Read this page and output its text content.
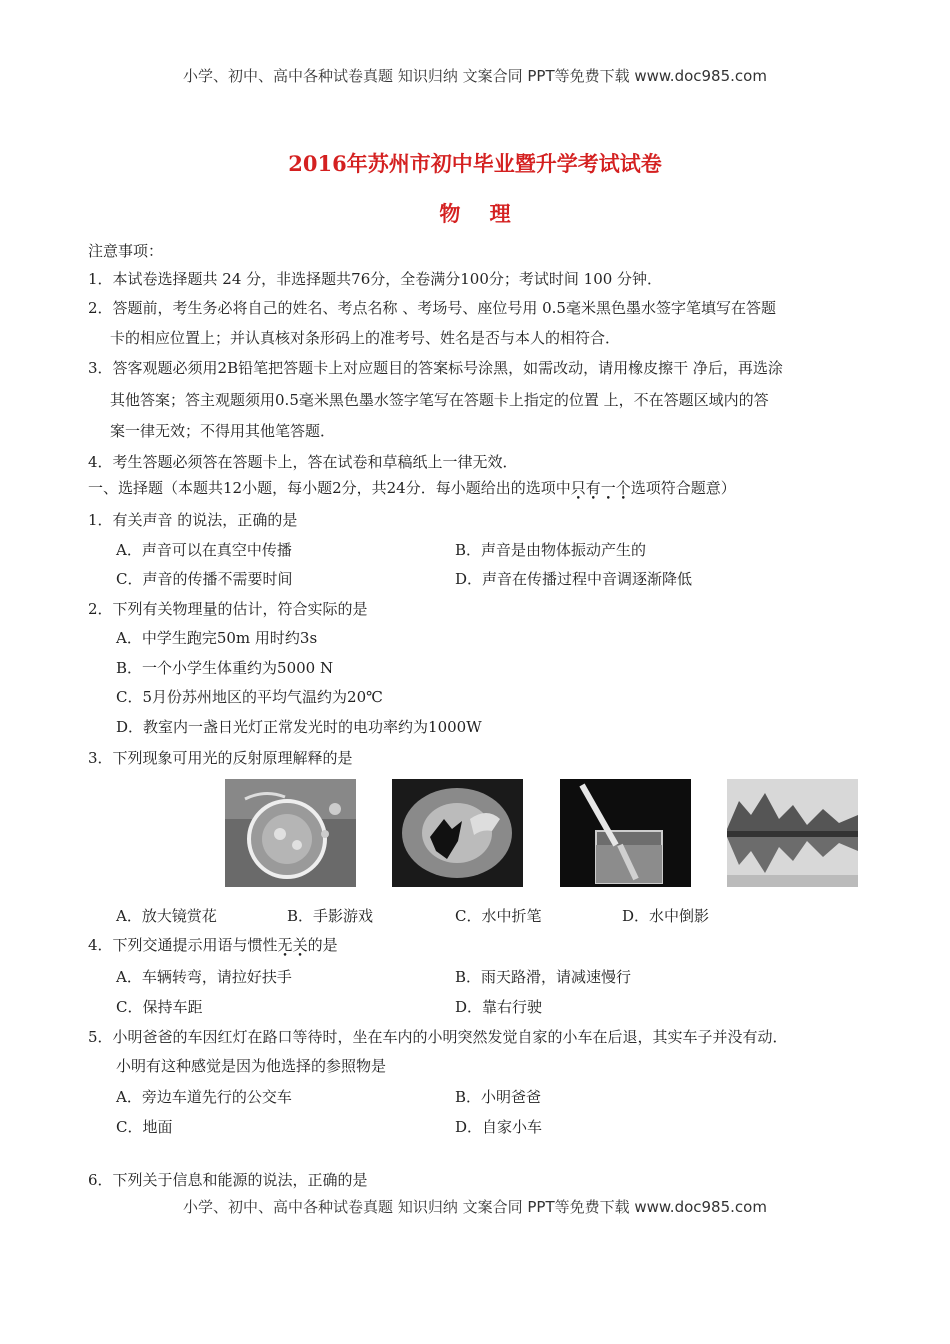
小学、初中、高中各种试卷真题 知识归纳 文案合同 PPT等免费下载 www.doc985.com
2016年苏州市初中毕业暨升学考试试卷
物    理
注意事项：
1．本试卷选择题共 24 分，非选择题共76分，全卷满分100分；考试时间 100 分钟．
2．答题前，考生务必将自己的姓名、考点名称 、考场号、座位号用 0.5毫米黑色墨水签字笔填写在答题
卡的相应位置上；并认真核对条形码上的准考号、姓名是否与本人的相符合．
3．答客观题必须用2B铅笔把答题卡上对应题目的答案标号涂黑，如需改动，请用橡皮擦干 净后，再选涂
其他答案；答主观题须用0.5毫米黑色墨水签字笔写在答题卡上指定的位置 上，不在答题区域内的答
案一律无效；不得用其他笔答题．
4．考生答题必须答在答题卡上，答在试卷和草稿纸上一律无效．
一、选择题（本题共12小题，每小题2分，共24分．每小题给出的选项中只有一个选项符合题意）
1．有关声音 的说法，正确的是
A．声音可以在真空中传播	B．声音是由物体振动产生的
C．声音的传播不需要时间	D．声音在传播过程中音调逐渐降低
2．下列有关物理量的估计，符合实际的是
A．中学生跑完50m 用时约3s
B．一个小学生体重约为5000 N
C．5月份苏州地区的平均气温约为20℃
D．教室内一盏日光灯正常发光时的电功率约为1000W
3．下列现象可用光的反射原理解释的是
A．放大镜赏花	B．手影游戏	C．水中折笔	D．水中倒影
4．下列交通提示用语与惯性无关的是
A．车辆转弯，请拉好扶手	B．雨天路滑，请减速慢行
C．保持车距	D．靠右行驶
5．小明爸爸的车因红灯在路口等待时，坐在车内的小明突然发觉自家的小车在后退，其实车子并没有动．
小明有这种感觉是因为他选择的参照物是
A．旁边车道先行的公交车	B．小明爸爸
C．地面	D．自家小车
6．下列关于信息和能源的说法，正确的是
小学、初中、高中各种试卷真题 知识归纳 文案合同 PPT等免费下载 www.doc985.com
